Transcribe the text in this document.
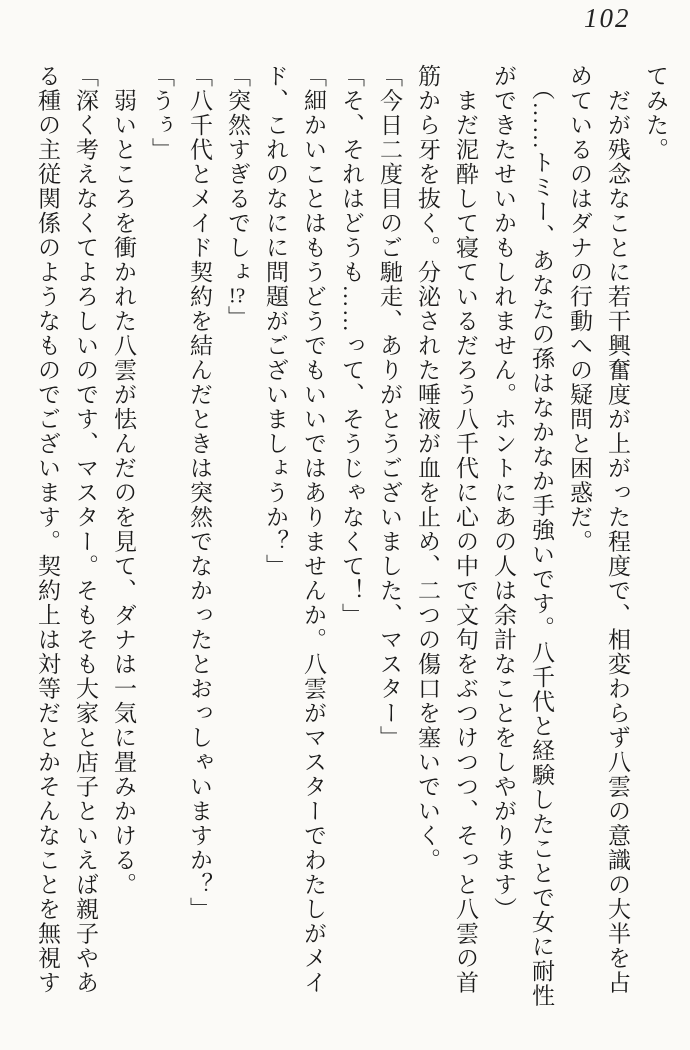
102
てみた。
　だが残念なことに若干興奮度が上がった程度で、相変わらず八雲の意識の大半を占
めているのはダナの行動への疑問と困惑だ。
　（……トミー、あなたの孫はなかなか手強いです。八千代と経験したことで女に耐性
ができたせいかもしれません。ホントにあの人は余計なことをしやがります）
　まだ泥酔して寝ているだろう八千代に心の中で文句をぶつけつつ、そっと八雲の首
筋から牙を抜く。分泌された唾液が血を止め、二つの傷口を塞いでいく。
「今日二度目のご馳走、ありがとうございました、マスター」
「そ、それはどうも……って、そうじゃなくて！」
「細かいことはもうどうでもいいではありませんか。八雲がマスターでわたしがメイ
ド、これのなにに問題がございましょうか？」
「突然すぎるでしょ!?」
「八千代とメイド契約を結んだときは突然でなかったとおっしゃいますか？」
「うぅ」
　弱いところを衝かれた八雲が怯んだのを見て、ダナは一気に畳みかける。
「深く考えなくてよろしいのです、マスター。そもそも大家と店子といえば親子やあ
る種の主従関係のようなものでございます。契約上は対等だとかそんなことを無視す
